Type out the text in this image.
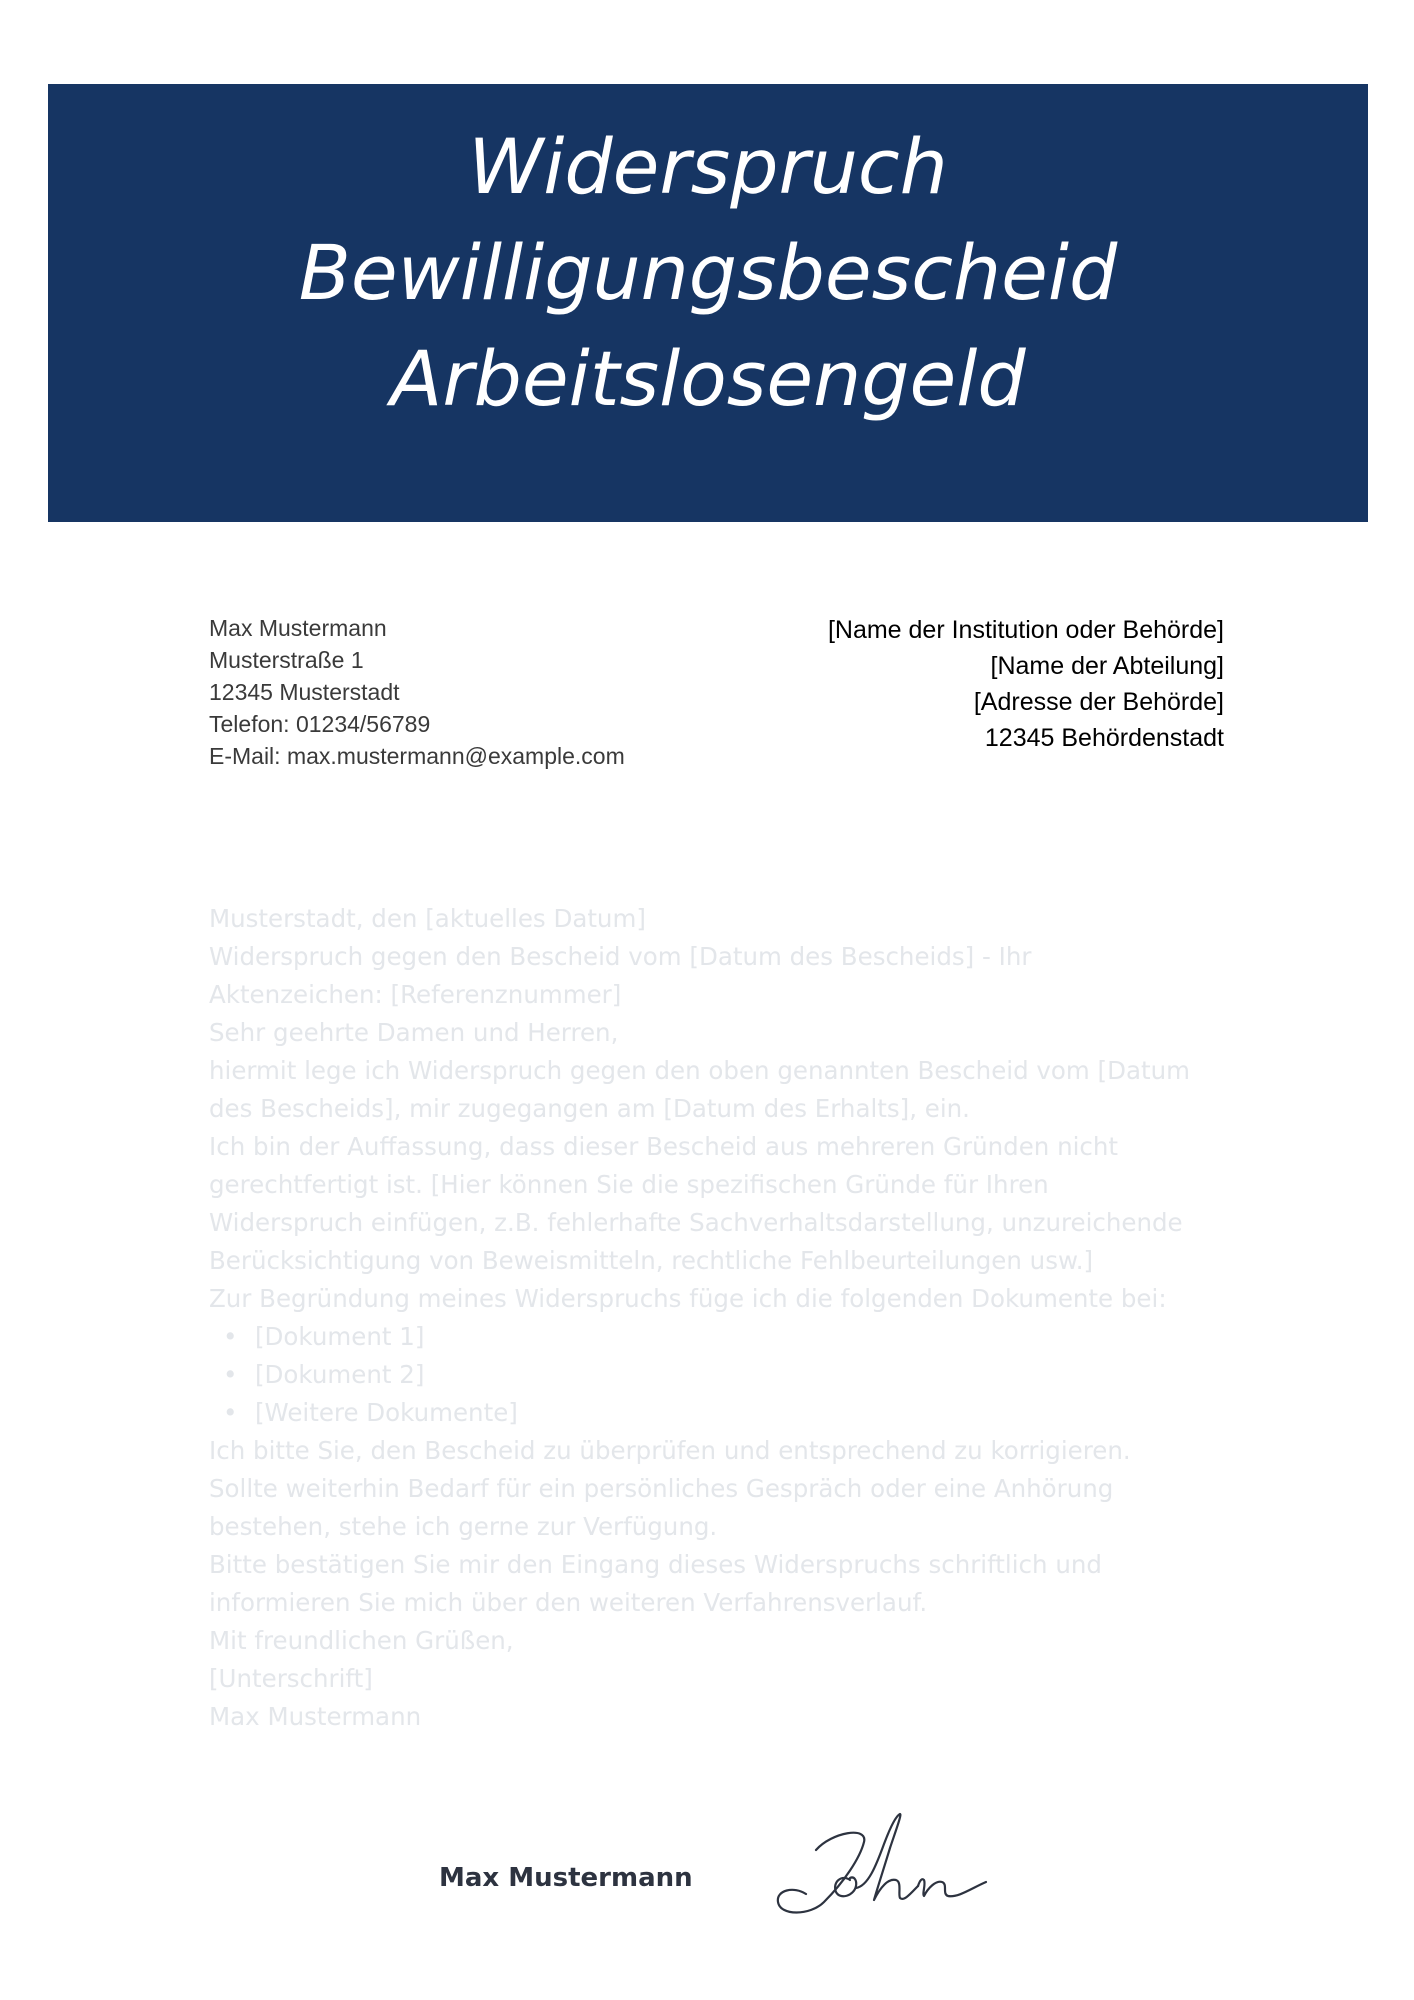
Widerspruch
Bewilligungsbescheid
Arbeitslosengeld
Max Mustermann
Musterstraße 1
12345 Musterstadt
Telefon: 01234/56789
E-Mail: max.mustermann@example.com
[Name der Institution oder Behörde]
[Name der Abteilung]
[Adresse der Behörde]
12345 Behördenstadt
Musterstadt, den [aktuelles Datum]
Widerspruch gegen den Bescheid vom [Datum des Bescheids] - Ihr
Aktenzeichen: [Referenznummer]
Sehr geehrte Damen und Herren,
hiermit lege ich Widerspruch gegen den oben genannten Bescheid vom [Datum
des Bescheids], mir zugegangen am [Datum des Erhalts], ein.
Ich bin der Auffassung, dass dieser Bescheid aus mehreren Gründen nicht
gerechtfertigt ist. [Hier können Sie die spezifischen Gründe für Ihren
Widerspruch einfügen, z.B. fehlerhafte Sachverhaltsdarstellung, unzureichende
Berücksichtigung von Beweismitteln, rechtliche Fehlbeurteilungen usw.]
Zur Begründung meines Widerspruchs füge ich die folgenden Dokumente bei:
• [Dokument 1]
• [Dokument 2]
• [Weitere Dokumente]
Ich bitte Sie, den Bescheid zu überprüfen und entsprechend zu korrigieren.
Sollte weiterhin Bedarf für ein persönliches Gespräch oder eine Anhörung
bestehen, stehe ich gerne zur Verfügung.
Bitte bestätigen Sie mir den Eingang dieses Widerspruchs schriftlich und
informieren Sie mich über den weiteren Verfahrensverlauf.
Mit freundlichen Grüßen,
[Unterschrift]
Max Mustermann
Max Mustermann
